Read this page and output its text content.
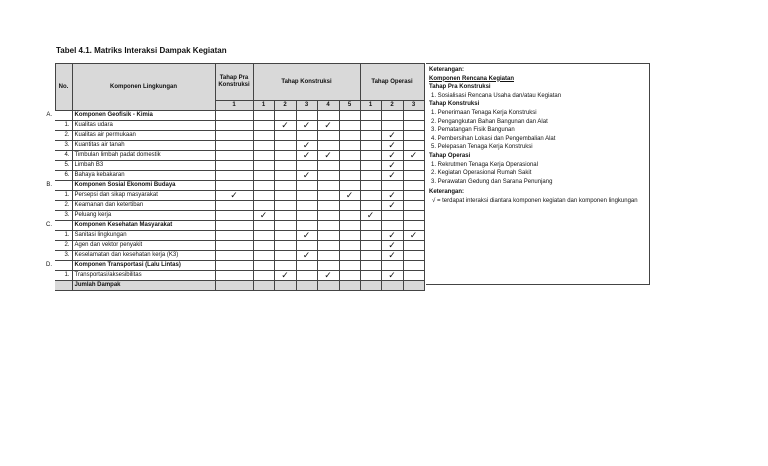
Tabel 4.1. Matriks Interaksi Dampak Kegiatan
	No.	Komponen Lingkungan	Tahap Pra Konstruksi	Tahap Konstruksi					Tahap Operasi		
			1	1	2	3	4	5	1	2	3
A.		Komponen Geofisik - Kimia									
	1.	Kualitas udara			✓	✓	✓				
	2.	Kualitas air permukaan								✓	
	3.	Kuantitas air tanah				✓				✓	
	4.	Timbulan limbah padat domestik				✓	✓			✓	✓
	5.	Limbah B3								✓	
	6.	Bahaya kebakaran				✓				✓	
B.		Komponen Sosial Ekonomi Budaya									
	1.	Persepsi dan sikap masyarakat	✓					✓		✓	
	2.	Keamanan dan ketertiban								✓	
	3.	Peluang kerja		✓					✓		
C.		Komponen Kesehatan Masyarakat									
	1.	Sanitasi lingkungan				✓				✓	✓
	2.	Agen dan vektor penyakit								✓	
	3.	Keselamatan dan kesehatan kerja (K3)				✓				✓	
D.		Komponen Transportasi (Lalu Lintas)									
	1.	Transportasi/aksesibilitas			✓		✓			✓	
		Jumlah Dampak									
Keterangan:
Komponen Rencana Kegiatan
Tahap Pra Konstruksi
1. Sosialisasi Rencana Usaha dan/atau Kegiatan
Tahap Konstruksi
1. Penerimaan Tenaga Kerja Konstruksi
2. Pengangkutan Bahan Bangunan dan Alat
3. Pematangan Fisik Bangunan
4. Pembersihan Lokasi dan Pengembalian Alat
5. Pelepasan Tenaga Kerja Konstruksi
Tahap Operasi
1. Rekrutmen Tenaga Kerja Operasional
2. Kegiatan Operasional Rumah Sakit
3. Perawatan Gedung dan Sarana Penunjang
Keterangan:
√ = terdapat interaksi diantara komponen kegiatan dan komponen lingkungan
